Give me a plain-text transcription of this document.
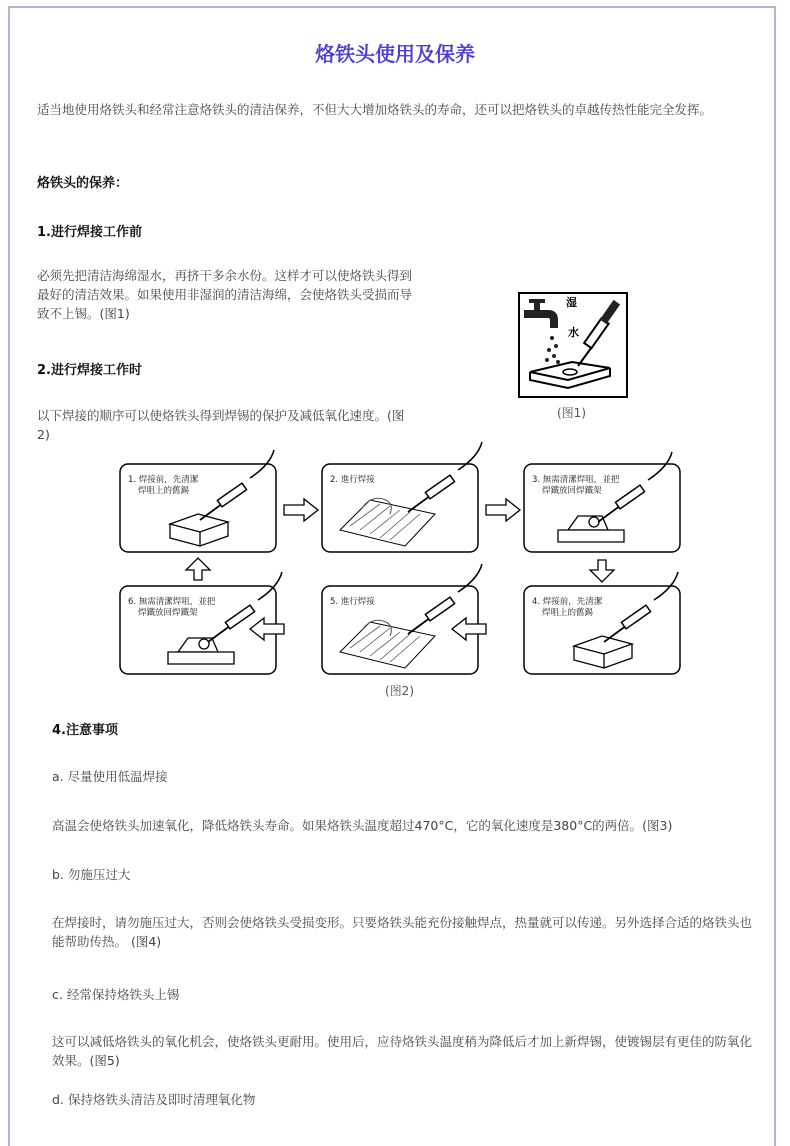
烙铁头使用及保养
适当地使用烙铁头和经常注意烙铁头的清洁保养，不但大大增加烙铁头的寿命，还可以把烙铁头的卓越传热性能完全发挥。
烙铁头的保养：
1.进行焊接工作前
必须先把清洁海绵湿水，再挤干多余水份。这样才可以使烙铁头得到最好的清洁效果。如果使用非湿润的清洁海绵，会使烙铁头受损而导致不上锡。(图1)
湿
水
(图1)
2.进行焊接工作时
以下焊接的顺序可以使烙铁头得到焊锡的保护及减低氧化速度。(图2)
1. 焊接前，先清潔
焊咀上的舊錫
2. 進行焊接	3. 無需清潔焊咀，並把
焊鐵放回焊鐵架
6. 無需清潔焊咀，並把
焊鐵放回焊鐵架
5. 進行焊接	4. 焊接前，先清潔
焊咀上的舊錫
(图2)
4.注意事项
a. 尽量使用低温焊接
高温会使烙铁头加速氧化，降低烙铁头寿命。如果烙铁头温度超过470°C，它的氧化速度是380°C的两倍。(图3)
b. 勿施压过大
在焊接时，请勿施压过大，否则会使烙铁头受损变形。只要烙铁头能充份接触焊点，热量就可以传递。另外选择合适的烙铁头也能帮助传热。 (图4)
c. 经常保持烙铁头上锡
这可以减低烙铁头的氧化机会，使烙铁头更耐用。使用后，应待烙铁头温度稍为降低后才加上新焊锡，使镀锡层有更佳的防氧化效果。(图5)
d. 保持烙铁头清洁及即时清理氧化物
